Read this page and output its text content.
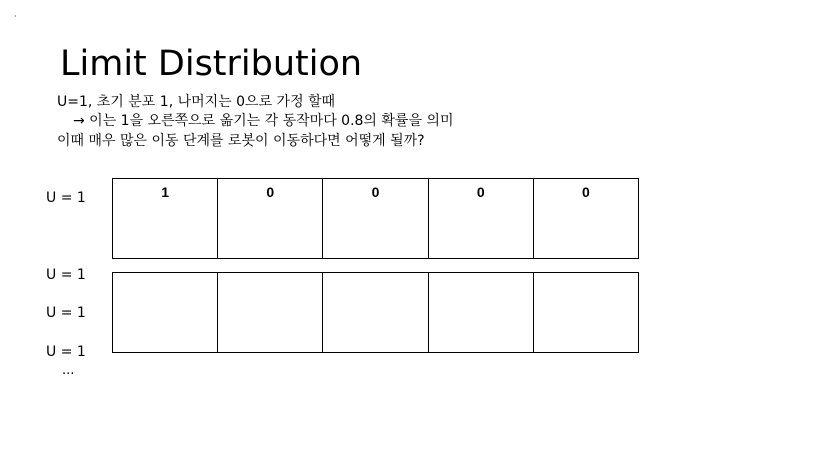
·
Limit Distribution
U=1, 초기 분포 1, 나머지는 0으로 가정 할때
→ 이는 1을 오른쪽으로 옮기는 각 동작마다 0.8의 확률을 의미
이때 매우 많은 이동 단계를 로봇이 이동하다면 어떻게 될까?
U = 1
U = 1
U = 1
U = 1
...
1	0	0	0	0
